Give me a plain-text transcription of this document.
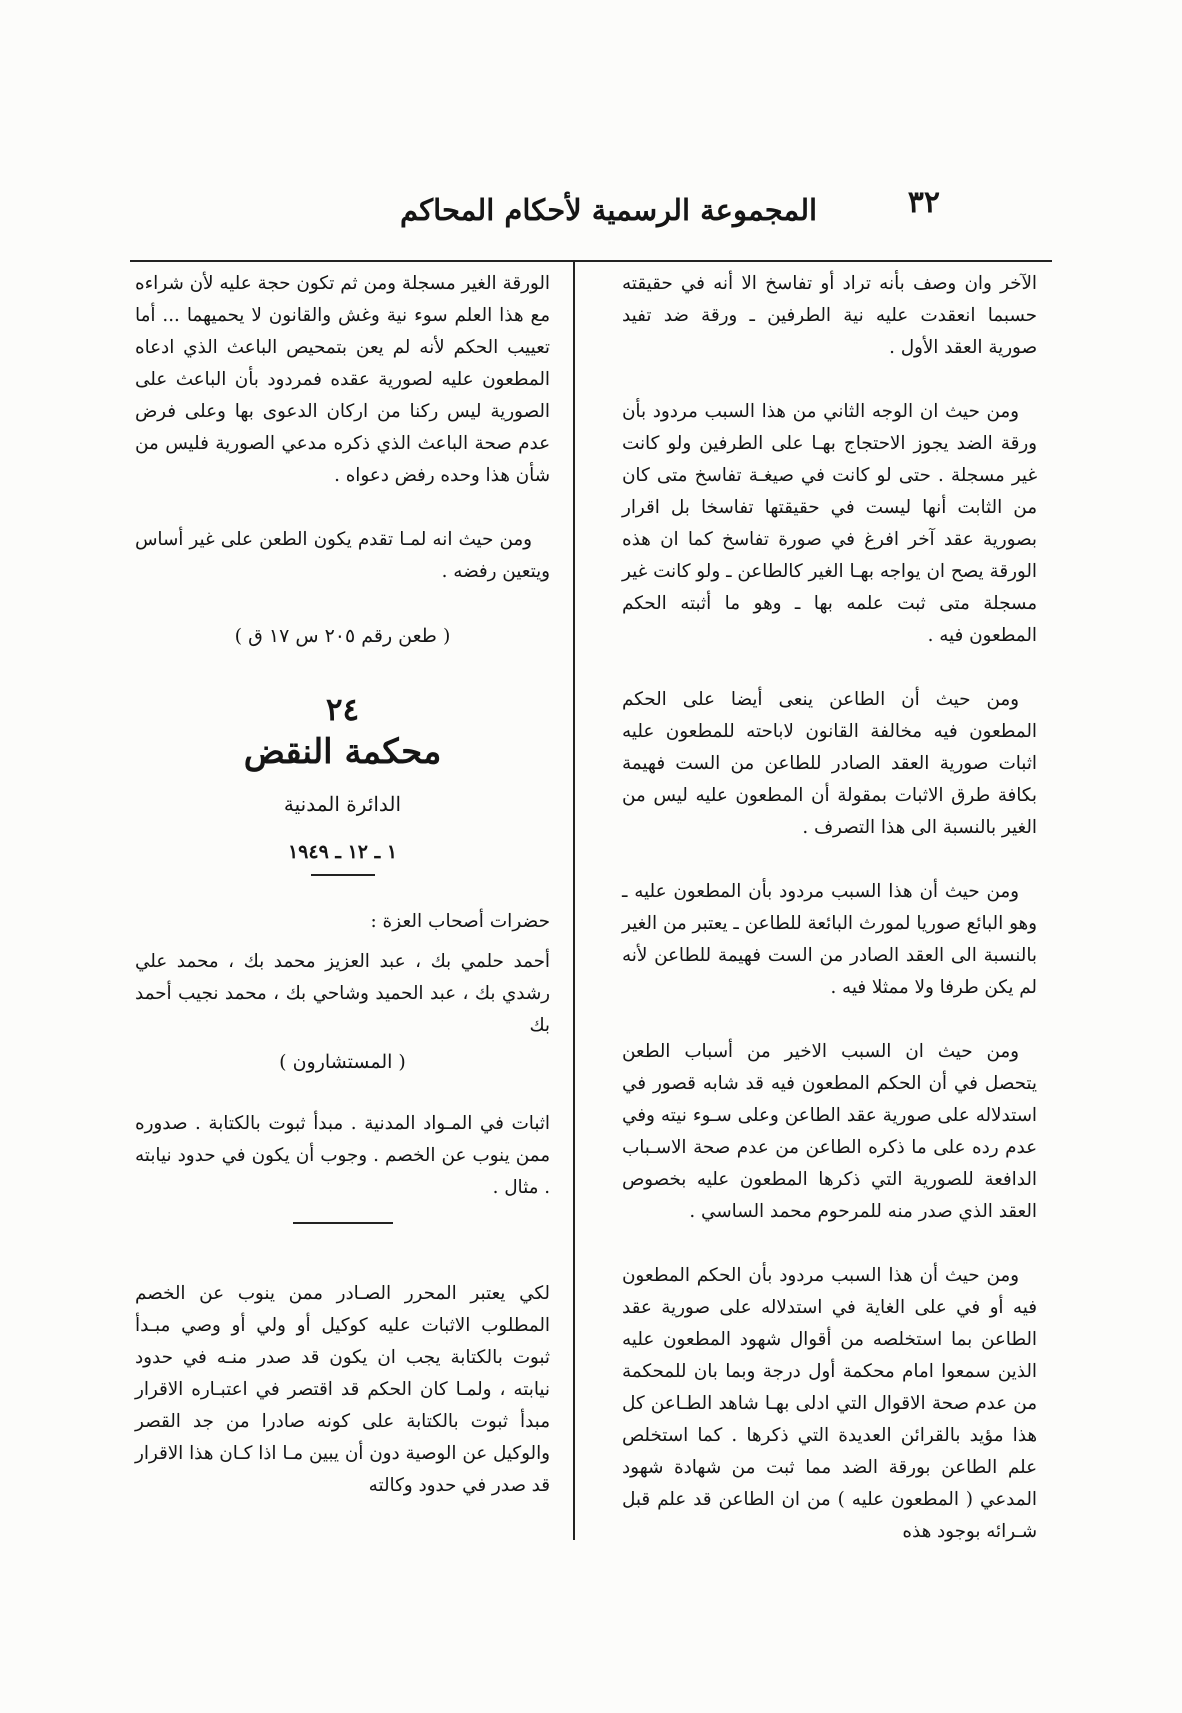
٣٢
المجموعة الرسمية لأحكام المحاكم

الآخر وان وصف بأنه تراد أو تفاسخ الا أنه في حقيقته حسبما انعقدت عليه نية الطرفين ـ ورقة ضد تفيد صورية العقد الأول .

ومن حيث ان الوجه الثاني من هذا السبب مردود بأن ورقة الضد يجوز الاحتجاج بهـا على الطرفين ولو كانت غير مسجلة . حتى لو كانت في صيغـة تفاسخ متى كان من الثابت أنها ليست في حقيقتها تفاسخا بل اقرار بصورية عقد آخر افرغ في صورة تفاسخ كما ان هذه الورقة يصح ان يواجه بهـا الغير كالطاعن ـ ولو كانت غير مسجلة متى ثبت علمه بها ـ وهو ما أثبته الحكم المطعون فيه .

ومن حيث أن الطاعن ينعى أيضا على الحكم المطعون فيه مخالفة القانون لاباحته للمطعون عليه اثبات صورية العقد الصادر للطاعن من الست فهيمة بكافة طرق الاثبات بمقولة أن المطعون عليه ليس من الغير بالنسبة الى هذا التصرف .

ومن حيث أن هذا السبب مردود بأن المطعون عليه ـ وهو البائع صوريا لمورث البائعة للطاعن ـ يعتبر من الغير بالنسبة الى العقد الصادر من الست فهيمة للطاعن لأنه لم يكن طرفا ولا ممثلا فيه .

ومن حيث ان السبب الاخير من أسباب الطعن يتحصل في أن الحكم المطعون فيه قد شابه قصور في استدلاله على صورية عقد الطاعن وعلى سـوء نيته وفي عدم رده على ما ذكره الطاعن من عدم صحة الاسـباب الدافعة للصورية التي ذكرها المطعون عليه بخصوص العقد الذي صدر منه للمرحوم محمد الساسي .

ومن حيث أن هذا السبب مردود بأن الحكم المطعون فيه أو في على الغاية في استدلاله على صورية عقد الطاعن بما استخلصه من أقوال شهود المطعون عليه الذين سمعوا امام محكمة أول درجة وبما بان للمحكمة من عدم صحة الاقوال التي ادلى بهـا شاهد الطـاعن كل هذا مؤيد بالقرائن العديدة التي ذكرها . كما استخلص علم الطاعن بورقة الضد مما ثبت من شهادة شهود المدعي ( المطعون عليه ) من ان الطاعن قد علم قبل شـرائه بوجود هذه

الورقة الغير مسجلة ومن ثم تكون حجة عليه لأن شراءه مع هذا العلم سوء نية وغش والقانون لا يحميهما ... أما تعييب الحكم لأنه لم يعن بتمحيص الباعث الذي ادعاه المطعون عليه لصورية عقده فمردود بأن الباعث على الصورية ليس ركنا من اركان الدعوى بها وعلى فرض عدم صحة الباعث الذي ذكره مدعي الصورية فليس من شأن هذا وحده رفض دعواه .

ومن حيث انه لمـا تقدم يكون الطعن على غير أساس ويتعين رفضه .

( طعن رقم ٢٠٥ س ١٧ ق )
٢٤
محكمة النقض
الدائرة المدنية
١ ـ ١٢ ـ ١٩٤٩

حضرات أصحاب العزة :

أحمد حلمي بك ، عبد العزيز محمد بك ، محمد علي رشدي بك ، عبد الحميد وشاحي بك ، محمد نجيب أحمد بك

( المستشارون )

اثبات في المـواد المدنية . مبدأ ثبوت بالكتابة . صدوره ممن ينوب عن الخصم . وجوب أن يكون في حدود نيابته . مثال .

لكي يعتبر المحرر الصـادر ممن ينوب عن الخصم المطلوب الاثبات عليه كوكيل أو ولي أو وصي مبـدأ ثبوت بالكتابة يجب ان يكون قد صدر منـه في حدود نيابته ، ولمـا كان الحكم قد اقتصر في اعتبـاره الاقرار مبدأ ثبوت بالكتابة على كونه صادرا من جد القصر والوكيل عن الوصية دون أن يبين مـا اذا كـان هذا الاقرار قد صدر في حدود وكالته
